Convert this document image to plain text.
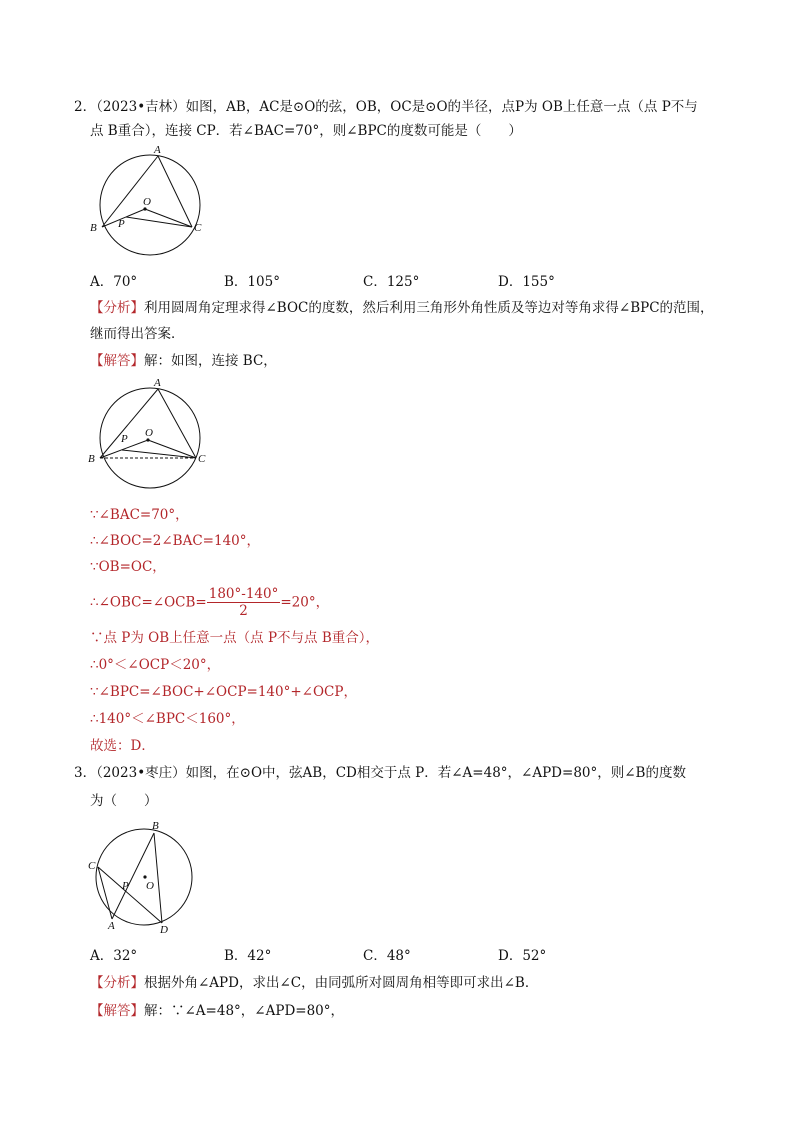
2．（2023•吉林）如图，AB，AC是⊙O的弦，OB，OC是⊙O的半径，点P为 OB上任意一点（点 P不与
点 B重合），连接 CP．若∠BAC=70°，则∠BPC的度数可能是（　　）
A
O
P
B	C
A．70°	B．105°	C．125°	D．155°
【分析】利用圆周角定理求得∠BOC的度数，然后利用三角形外角性质及等边对等角求得∠BPC的范围，
继而得出答案．
【解答】解：如图，连接 BC，
A
O
P
B	C
∵∠BAC=70°，
∴∠BOC=2∠BAC=140°，
∵OB=OC，
∴∠OBC=∠OCB= $\frac{180^\circ-140^\circ}{2} =20^\circ$，
∵点 P为 OB上任意一点（点 P不与点 B重合），
∴0°＜∠OCP＜20°，
∵∠BPC=∠BOC+∠OCP=140°+∠OCP，
∴140°＜∠BPC＜160°，
故选：D．
3．（2023•枣庄）如图，在⊙O中，弦AB，CD相交于点 P．若∠A=48°，∠APD=80°，则∠B的度数
为（　　）
B
C
P O
A	D
A．32°	B．42°	C．48°	D．52°
【分析】根据外角∠APD，求出∠C，由同弧所对圆周角相等即可求出∠B．
【解答】解：∵∠A=48°，∠APD=80°，
